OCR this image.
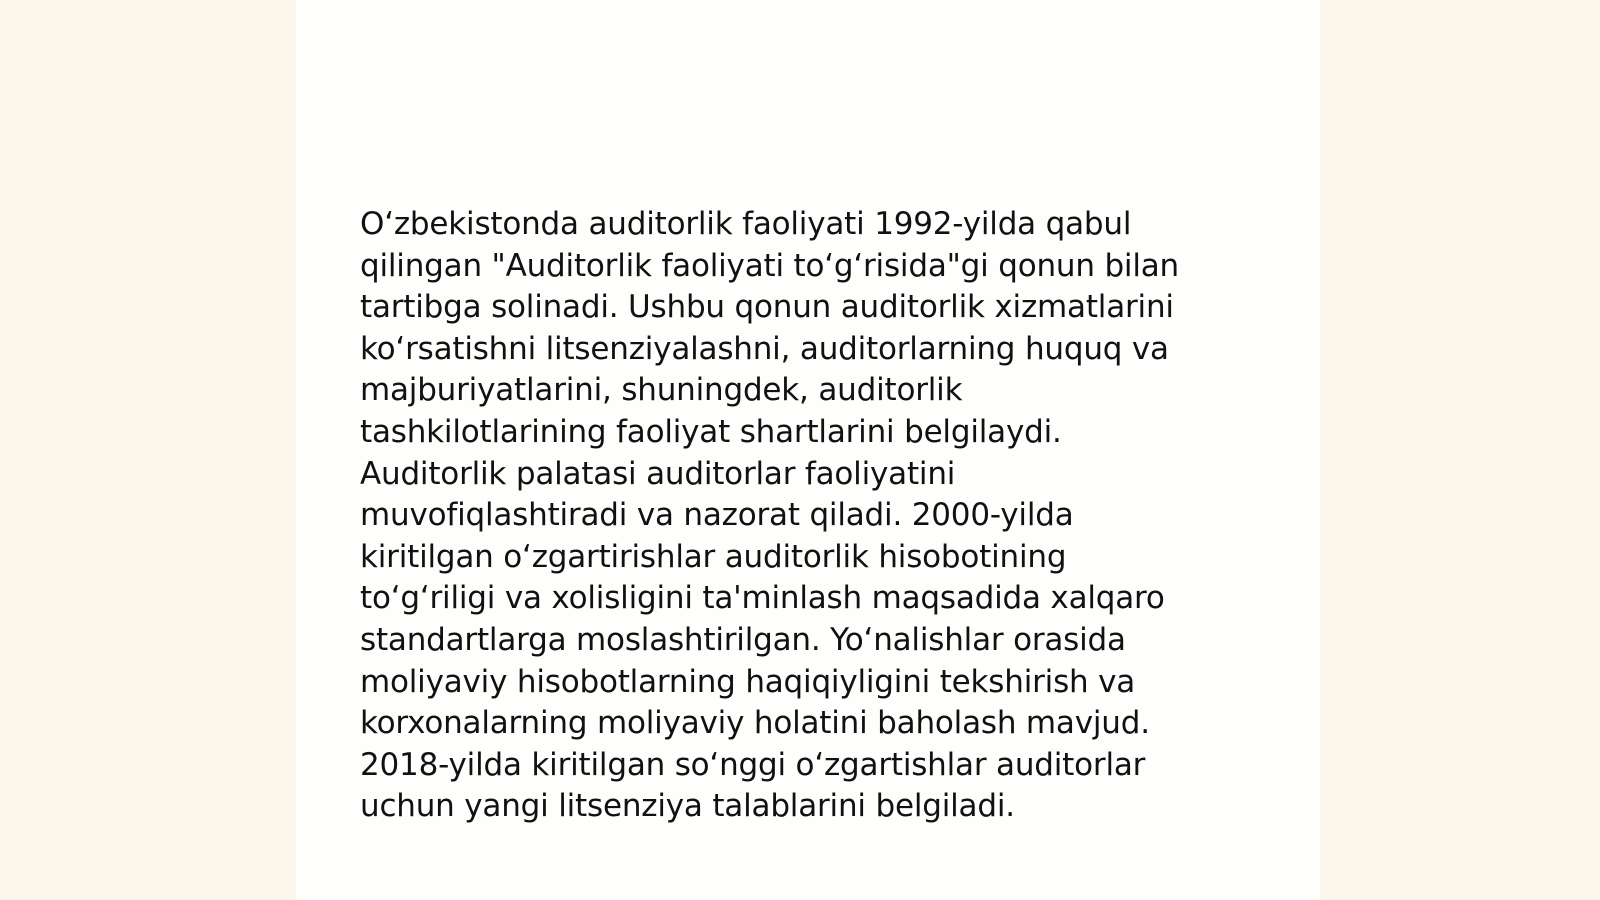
O‘zbekistonda auditorlik faoliyati 1992-yilda qabul
qilingan "Auditorlik faoliyati to‘g‘risida"gi qonun bilan
tartibga solinadi. Ushbu qonun auditorlik xizmatlarini
ko‘rsatishni litsenziyalashni, auditorlarning huquq va
majburiyatlarini, shuningdek, auditorlik
tashkilotlarining faoliyat shartlarini belgilaydi.
Auditorlik palatasi auditorlar faoliyatini
muvofiqlashtiradi va nazorat qiladi. 2000-yilda
kiritilgan o‘zgartirishlar auditorlik hisobotining
to‘g‘riligi va xolisligini ta'minlash maqsadida xalqaro
standartlarga moslashtirilgan. Yo‘nalishlar orasida
moliyaviy hisobotlarning haqiqiyligini tekshirish va
korxonalarning moliyaviy holatini baholash mavjud.
2018-yilda kiritilgan so‘nggi o‘zgartishlar auditorlar
uchun yangi litsenziya talablarini belgiladi.
